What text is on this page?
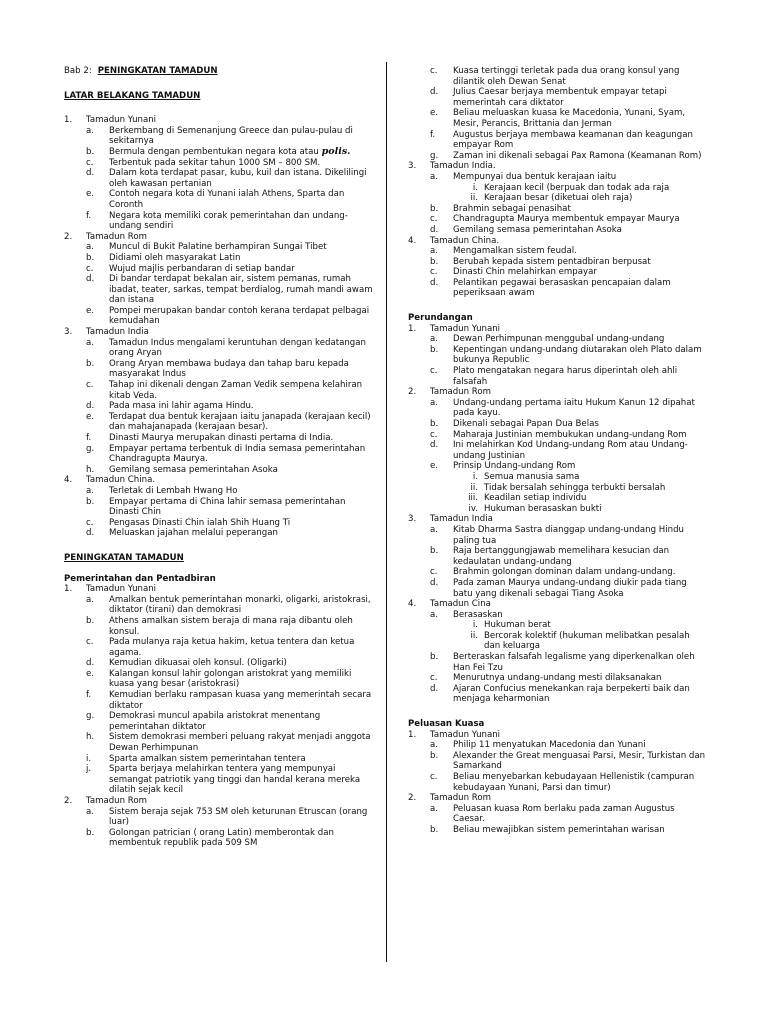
Bab 2: PENINGKATAN TAMADUN
LATAR BELAKANG TAMADUN
1. Tamadun Yunani
a. Berkembang di Semenanjung Greece dan pulau-pulau di sekitarnya
b. Bermula dengan pembentukan negara kota atau polis.
c. Terbentuk pada sekitar tahun 1000 SM – 800 SM.
d. Dalam kota terdapat pasar, kubu, kuil dan istana. Dikelilingi oleh kawasan pertanian
e. Contoh negara kota di Yunani ialah Athens, Sparta dan Coronth
f. Negara kota memiliki corak pemerintahan dan undang-undang sendiri
2. Tamadun Rom
a. Muncul di Bukit Palatine berhampiran Sungai Tibet
b. Didiami oleh masyarakat Latin
c. Wujud majlis perbandaran di setiap bandar
d. Di bandar terdapat bekalan air, sistem pemanas, rumah ibadat, teater, sarkas, tempat berdialog, rumah mandi awam dan istana
e. Pompei merupakan bandar contoh kerana terdapat pelbagai kemudahan
3. Tamadun India
a. Tamadun Indus mengalami keruntuhan dengan kedatangan orang Aryan
b. Orang Aryan membawa budaya dan tahap baru kepada masyarakat Indus
c. Tahap ini dikenali dengan Zaman Vedik sempena kelahiran kitab Veda.
d. Pada masa ini lahir agama Hindu.
e. Terdapat dua bentuk kerajaan iaitu janapada (kerajaan kecil) dan mahajanapada (kerajaan besar).
f. Dinasti Maurya merupakan dinasti pertama di India.
g. Empayar pertama terbentuk di India semasa pemerintahan Chandragupta Maurya.
h. Gemilang semasa pemerintahan Asoka
4. Tamadun China.
a. Terletak di Lembah Hwang Ho
b. Empayar pertama di China lahir semasa pemerintahan Dinasti Chin
c. Pengasas Dinasti Chin ialah Shih Huang Ti
d. Meluaskan jajahan melalui peperangan
PENINGKATAN TAMADUN
Pemerintahan dan Pentadbiran
1. Tamadun Yunani
a. Amalkan bentuk pemerintahan monarki, oligarki, aristokrasi, diktator (tirani) dan demokrasi
b. Athens amalkan sistem beraja di mana raja dibantu oleh konsul.
c. Pada mulanya raja ketua hakim, ketua tentera dan ketua agama.
d. Kemudian dikuasai oleh konsul. (Oligarki)
e. Kalangan konsul lahir golongan aristokrat yang memiliki kuasa yang besar (aristokrasi)
f. Kemudian berlaku rampasan kuasa yang memerintah secara diktator
g. Demokrasi muncul apabila aristokrat menentang pemerintahan diktator
h. Sistem demokrasi memberi peluang rakyat menjadi anggota Dewan Perhimpunan
i. Sparta amalkan sistem pemerintahan tentera
j. Sparta berjaya melahirkan tentera yang mempunyai semangat patriotik yang tinggi dan handal kerana mereka dilatih sejak kecil
2. Tamadun Rom
a. Sistem beraja sejak 753 SM oleh keturunan Etruscan (orang luar)
b. Golongan patrician ( orang Latin) memberontak dan membentuk republik pada 509 SM
c. Kuasa tertinggi terletak pada dua orang konsul yang dilantik oleh Dewan Senat
d. Julius Caesar berjaya membentuk empayar tetapi memerintah cara diktator
e. Beliau meluaskan kuasa ke Macedonia, Yunani, Syam, Mesir, Perancis, Brittania dan Jerman
f. Augustus berjaya membawa keamanan dan keagungan empayar Rom
g. Zaman ini dikenali sebagai Pax Ramona (Keamanan Rom)
3. Tamadun India.
a. Mempunyai dua bentuk kerajaan iaitu
i. Kerajaan kecil (berpuak dan todak ada raja
ii. Kerajaan besar (diketuai oleh raja)
b. Brahmin sebagai penasihat
c. Chandragupta Maurya membentuk empayar Maurya
d. Gemilang semasa pemerintahan Asoka
4. Tamadun China.
a. Mengamalkan sistem feudal.
b. Berubah kepada sistem pentadbiran berpusat
c. Dinasti Chin melahirkan empayar
d. Pelantikan pegawai berasaskan pencapaian dalam peperiksaan awam
Perundangan
1. Tamadun Yunani
a. Dewan Perhimpunan menggubal undang-undang
b. Kepentingan undang-undang diutarakan oleh Plato dalam bukunya Republic
c. Plato mengatakan negara harus diperintah oleh ahli falsafah
2. Tamadun Rom
a. Undang-undang pertama iaitu Hukum Kanun 12 dipahat pada kayu.
b. Dikenali sebagai Papan Dua Belas
c. Maharaja Justinian membukukan undang-undang Rom
d. Ini melahirkan Kod Undang-undang Rom atau Undang-undang Justinian
e. Prinsip Undang-undang Rom
i. Semua manusia sama
ii. Tidak bersalah sehingga terbukti bersalah
iii. Keadilan setiap individu
iv. Hukuman berasaskan bukti
3. Tamadun India
a. Kitab Dharma Sastra dianggap undang-undang Hindu paling tua
b. Raja bertanggungjawab memelihara kesucian dan kedaulatan undang-undang
c. Brahmin golongan dominan dalam undang-undang.
d. Pada zaman Maurya undang-undang diukir pada tiang batu yang dikenali sebagai Tiang Asoka
4. Tamadun Cina
a. Berasaskan
i. Hukuman berat
ii. Bercorak kolektif (hukuman melibatkan pesalah dan keluarga
b. Berteraskan falsafah legalisme yang diperkenalkan oleh Han Fei Tzu
c. Menurutnya undang-undang mesti dilaksanakan
d. Ajaran Confucius menekankan raja berpekerti baik dan menjaga keharmonian
Peluasan Kuasa
1. Tamadun Yunani
a. Philip 11 menyatukan Macedonia dan Yunani
b. Alexander the Great menguasai Parsi, Mesir, Turkistan dan Samarkand
c. Beliau menyebarkan kebudayaan Hellenistik (campuran kebudayaan Yunani, Parsi dan timur)
2. Tamadun Rom
a. Peluasan kuasa Rom berlaku pada zaman Augustus Caesar.
b. Beliau mewajibkan sistem pemerintahan warisan
